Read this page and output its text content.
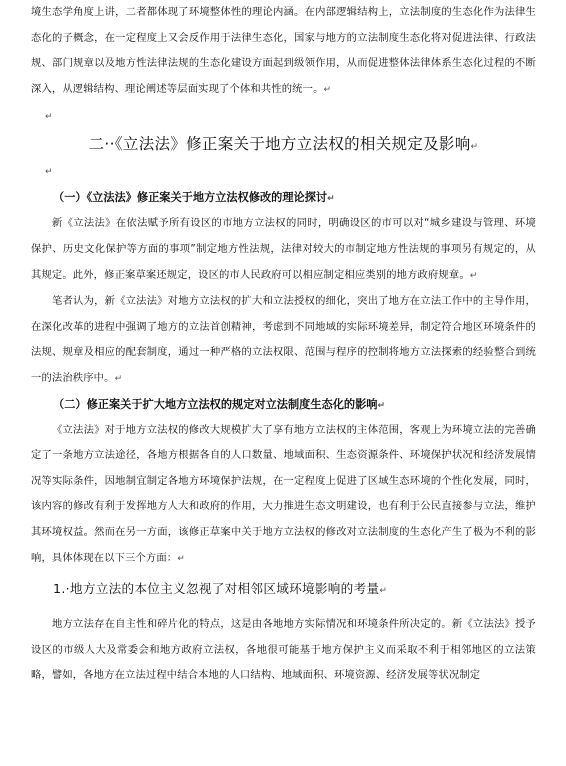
境生态学角度上讲，二者都体现了环境整体性的理论内涵。在内部逻辑结构上，立法制度的生态化作为法律生态化的子概念，在一定程度上又会反作用于法律生态化，国家与地方的立法制度生态化将对促进法律、行政法规、部门规章以及地方性法律法规的生态化建设方面起到级领作用，从而促进整体法律体系生态化过程的不断深入，从逻辑结构、理论阐述等层面实现了个体和共性的统一。↵

↵

二··《立法法》修正案关于地方立法权的相关规定及影响↵

↵

（一）《立法法》修正案关于地方立法权修改的理论探讨↵

新《立法法》在依法赋予所有设区的市地方立法权的同时，明确设区的市可以对“城乡建设与管理、环境保护、历史文化保护等方面的事项”制定地方性法规，法律对较大的市制定地方性法规的事项另有规定的，从其规定。此外，修正案草案还规定，设区的市人民政府可以相应制定相应类别的地方政府规章。↵

笔者认为，新《立法法》对地方立法权的扩大和立法授权的细化，突出了地方在立法工作中的主导作用，在深化改革的进程中强调了地方的立法首创精神，考虑到不同地域的实际环境差异，制定符合地区环境条件的法规、规章及相应的配套制度，通过一种严格的立法权限、范围与程序的控制将地方立法探索的经验整合到统一的法治秩序中。↵

（二）修正案关于扩大地方立法权的规定对立法制度生态化的影响↵

《立法法》对于地方立法权的修改大规模扩大了享有地方立法权的主体范围，客观上为环境立法的完善确定了一条地方立法途径，各地方根据各自的人口数量、地域面积、生态资源条件、环境保护状况和经济发展情况等实际条件，因地制宜制定各地方环境保护法规，在一定程度上促进了区域生态环境的个性化发展，同时，该内容的修改有利于发挥地方人大和政府的作用，大力推进生态文明建设，也有利于公民直接参与立法，维护其环境权益。然而在另一方面，该修正草案中关于地方立法权的修改对立法制度的生态化产生了极为不利的影响，具体体现在以下三个方面：↵

1.·地方立法的本位主义忽视了对相邻区域环境影响的考量↵

地方立法存在自主性和碎片化的特点，这是由各地地方实际情况和环境条件所决定的。新《立法法》授予设区的市级人大及常委会和地方政府立法权，各地很可能基于地方保护主义而采取不利于相邻地区的立法策略，譬如，各地方在立法过程中结合本地的人口结构、地域面积、环境资源、经济发展等状况制定
